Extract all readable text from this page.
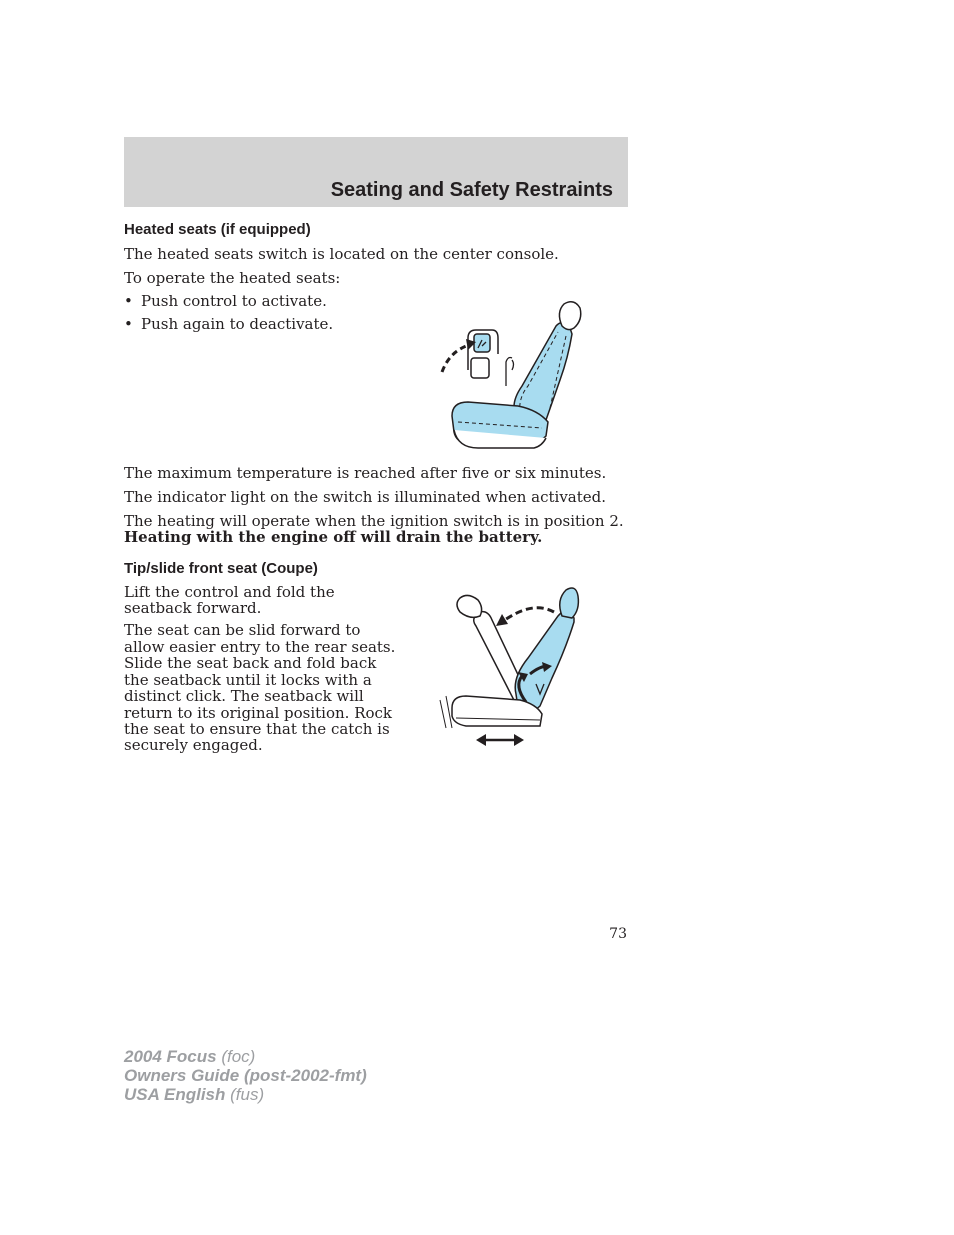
Seating and Safety Restraints
Heated seats (if equipped)
The heated seats switch is located on the center console.
To operate the heated seats:
• Push control to activate.
• Push again to deactivate.
The maximum temperature is reached after five or six minutes.
The indicator light on the switch is illuminated when activated.
The heating will operate when the ignition switch is in position 2.
Heating with the engine off will drain the battery.
Tip/slide front seat (Coupe)
Lift the control and fold the
seatback forward.
The seat can be slid forward to
allow easier entry to the rear seats.
Slide the seat back and fold back
the seatback until it locks with a
distinct click. The seatback will
return to its original position. Rock
the seat to ensure that the catch is
securely engaged.
73
2004 Focus (foc)
Owners Guide (post-2002-fmt)
USA English (fus)
